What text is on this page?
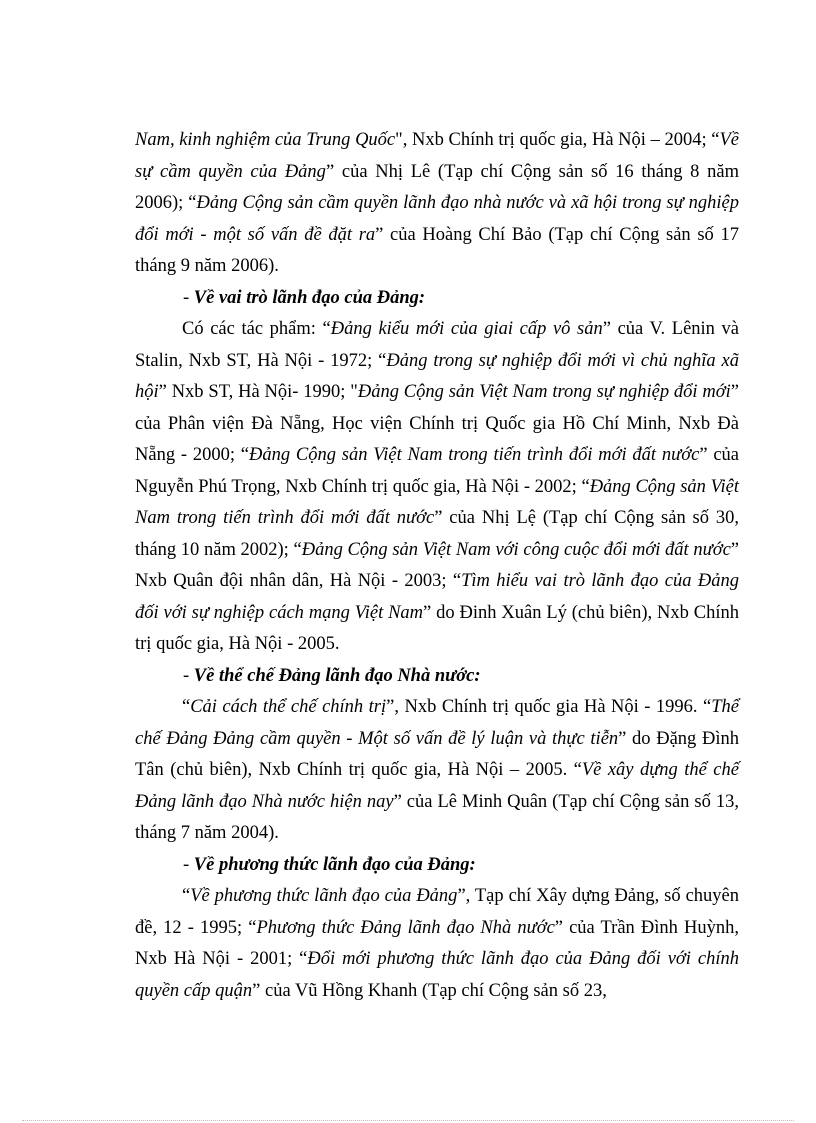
Nam, kinh nghiệm của Trung Quốc", Nxb Chính trị quốc gia, Hà Nội – 2004; “Về sự cầm quyền của Đảng” của Nhị Lê (Tạp chí Cộng sản số 16 tháng 8 năm 2006); “Đảng Cộng sản cầm quyền lãnh đạo nhà nước và xã hội trong sự nghiệp đổi mới - một số vấn đề đặt ra” của Hoàng Chí Bảo (Tạp chí Cộng sản số 17 tháng 9 năm 2006).

- Về vai trò lãnh đạo của Đảng:

Có các tác phẩm: “Đảng kiểu mới của giai cấp vô sản” của V. Lênin và Stalin, Nxb ST, Hà Nội - 1972; “Đảng trong sự nghiệp đổi mới vì chủ nghĩa xã hội” Nxb ST, Hà Nội- 1990; "Đảng Cộng sản Việt Nam trong sự nghiệp đổi mới” của Phân viện Đà Nẵng, Học viện Chính trị Quốc gia Hồ Chí Minh, Nxb Đà Nẵng - 2000; “Đảng Cộng sản Việt Nam trong tiến trình đổi mới đất nước” của Nguyễn Phú Trọng, Nxb Chính trị quốc gia, Hà Nội - 2002; “Đảng Cộng sản Việt Nam trong tiến trình đổi mới đất nước” của Nhị Lệ (Tạp chí Cộng sản số 30, tháng 10 năm 2002); “Đảng Cộng sản Việt Nam với công cuộc đổi mới đất nước” Nxb Quân đội nhân dân, Hà Nội - 2003; “Tìm hiểu vai trò lãnh đạo của Đảng đối với sự nghiệp cách mạng Việt Nam” do Đinh Xuân Lý (chủ biên), Nxb Chính trị quốc gia, Hà Nội - 2005.

- Về thể chế Đảng lãnh đạo Nhà nước:

“Cải cách thể chế chính trị”, Nxb Chính trị quốc gia Hà Nội - 1996. “Thể chế Đảng Đảng cầm quyền - Một số vấn đề lý luận và thực tiễn” do Đặng Đình Tân (chủ biên), Nxb Chính trị quốc gia, Hà Nội – 2005. “Về xây dựng thể chế Đảng lãnh đạo Nhà nước hiện nay” của Lê Minh Quân (Tạp chí Cộng sản số 13, tháng 7 năm 2004).

- Về phương thức lãnh đạo của Đảng:

“Về phương thức lãnh đạo của Đảng”, Tạp chí Xây dựng Đảng, số chuyên đề, 12 - 1995; “Phương thức Đảng lãnh đạo Nhà nước” của Trần Đình Huỳnh, Nxb Hà Nội - 2001; “Đổi mới phương thức lãnh đạo của Đảng đối với chính quyền cấp quận” của Vũ Hồng Khanh (Tạp chí Cộng sản số 23,
